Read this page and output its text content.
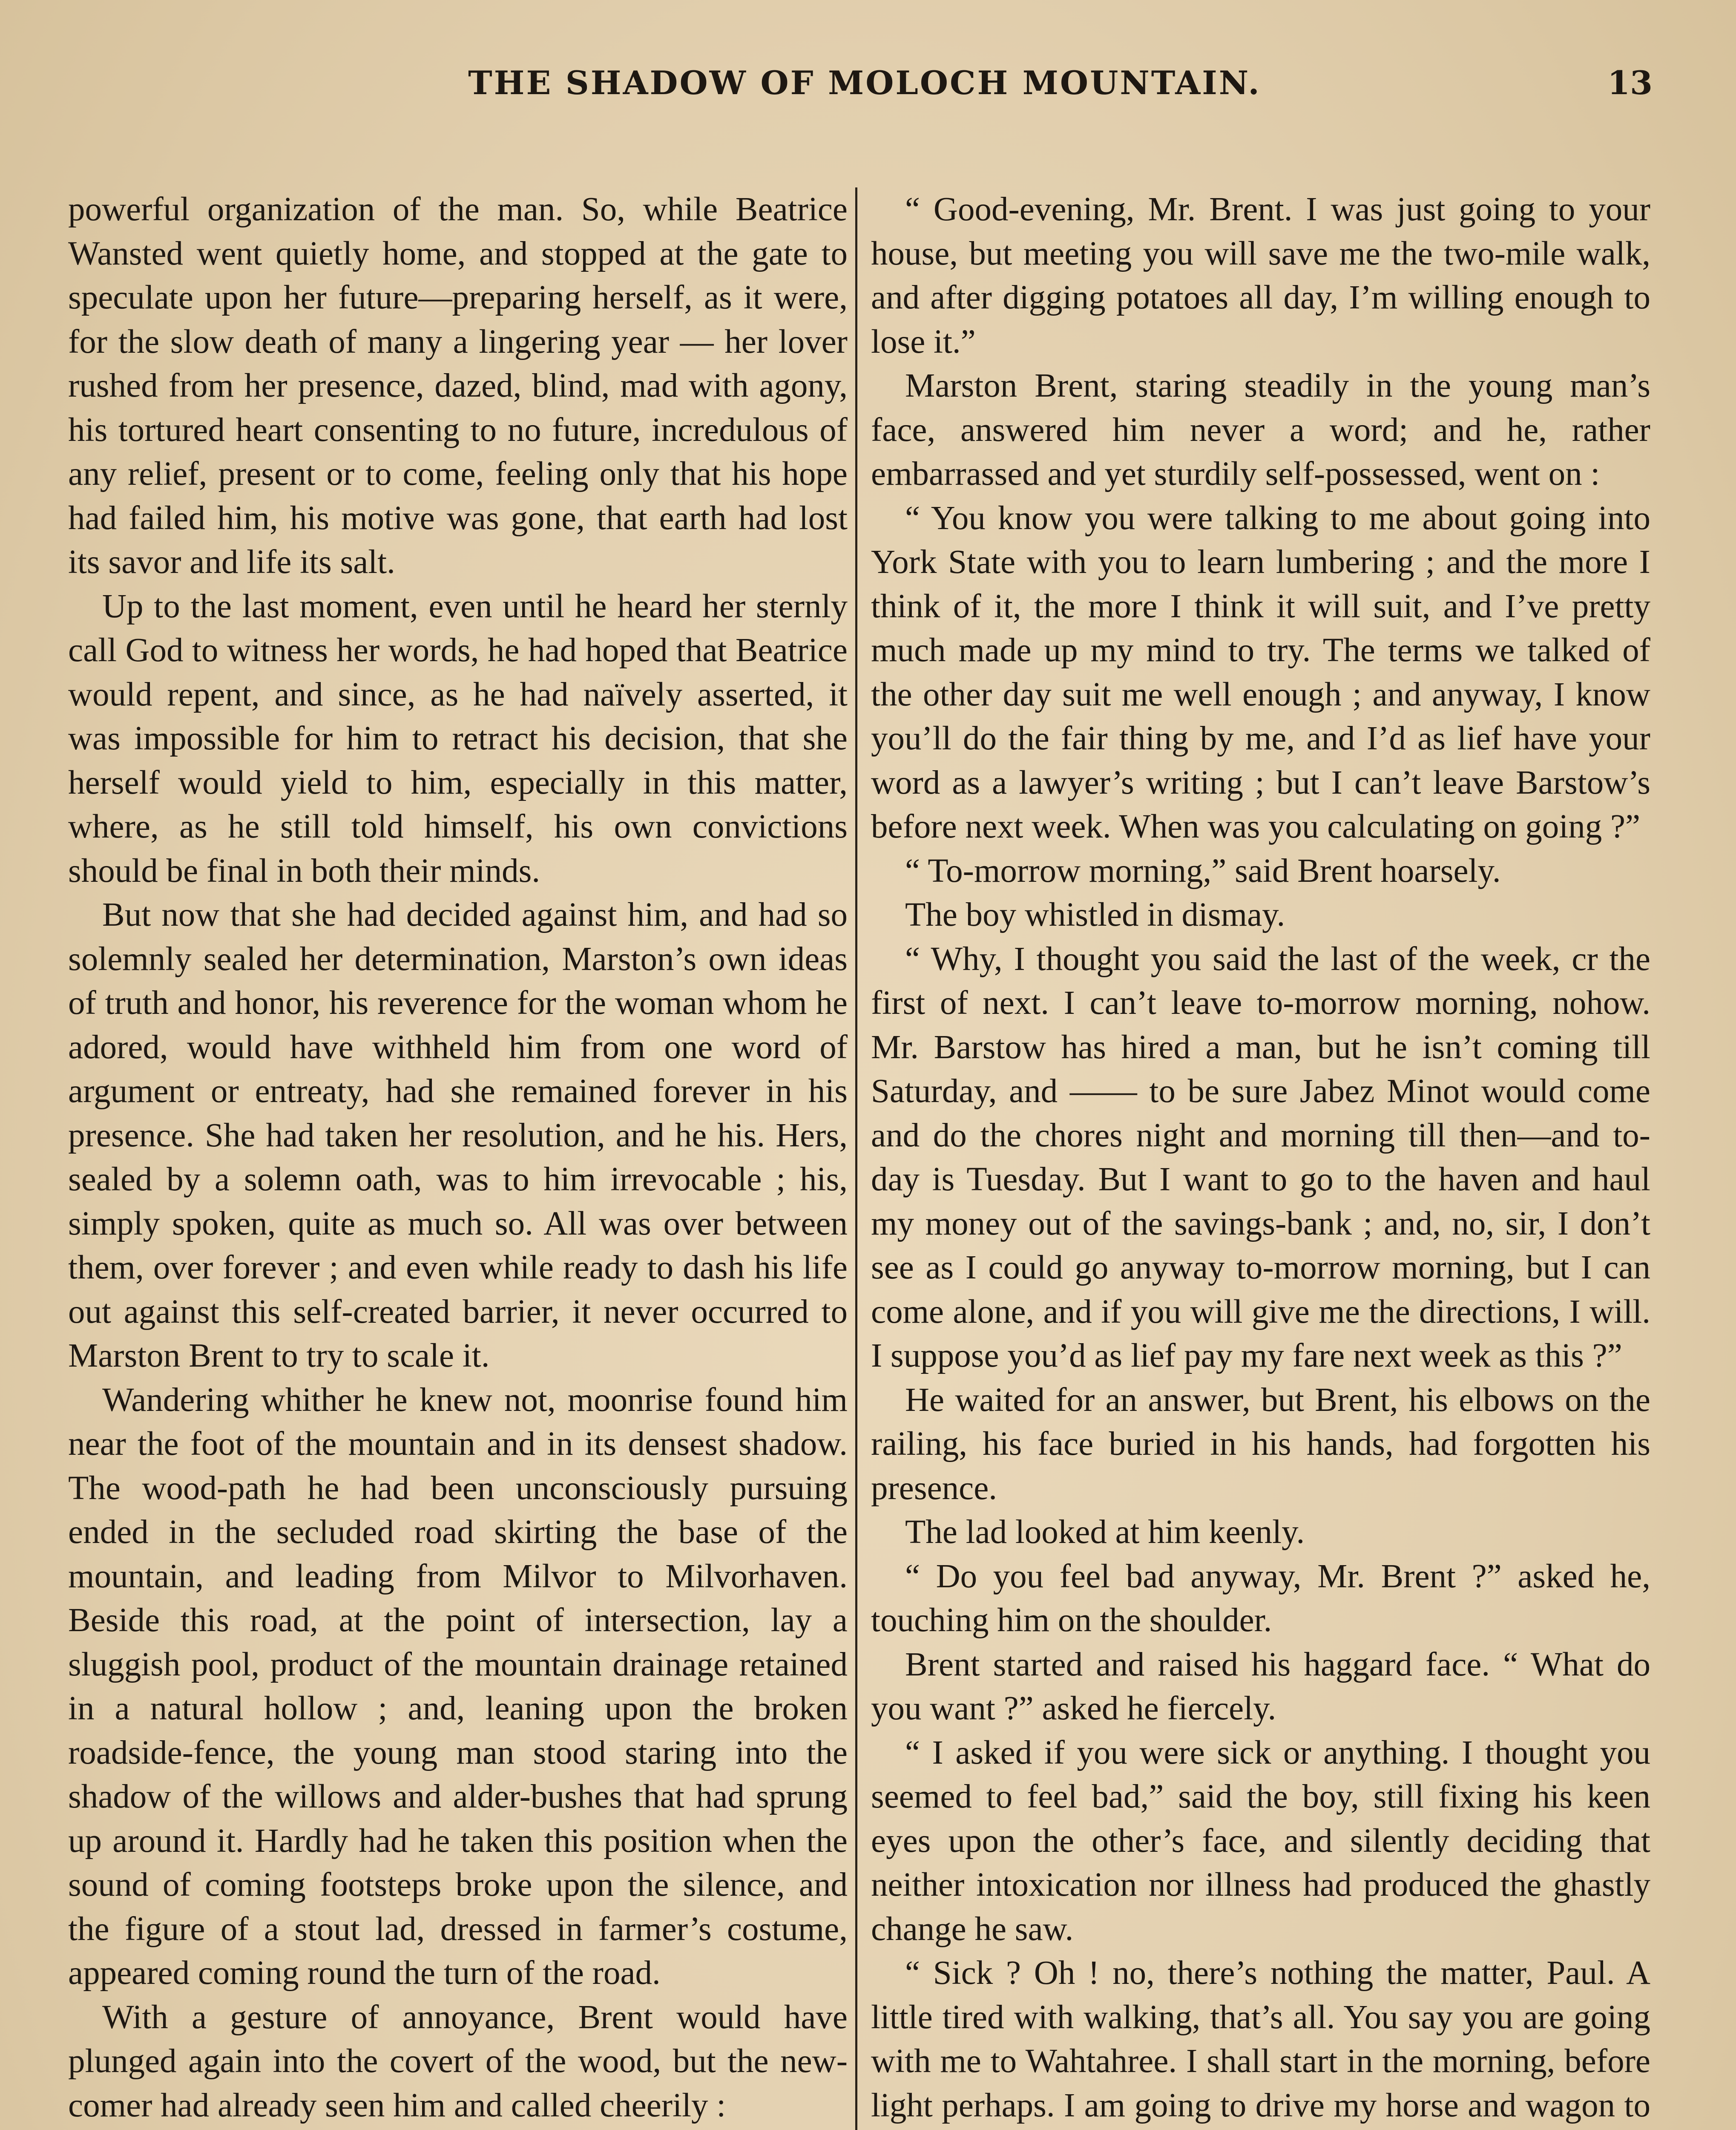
THE SHADOW OF MOLOCH MOUNTAIN.	13

powerful organization of the man. So, while Beatrice Wansted went quietly home, and stopped at the gate to speculate upon her future—preparing herself, as it were, for the slow death of many a lingering year — her lover rushed from her presence, dazed, blind, mad with agony, his tortured heart consenting to no future, incredulous of any relief, present or to come, feeling only that his hope had failed him, his motive was gone, that earth had lost its savor and life its salt.

Up to the last moment, even until he heard her sternly call God to witness her words, he had hoped that Beatrice would repent, and since, as he had naïvely asserted, it was impossible for him to retract his decision, that she herself would yield to him, especially in this matter, where, as he still told himself, his own convictions should be final in both their minds.

But now that she had decided against him, and had so solemnly sealed her determination, Marston’s own ideas of truth and honor, his reverence for the woman whom he adored, would have withheld him from one word of argument or entreaty, had she remained forever in his presence. She had taken her resolution, and he his. Hers, sealed by a solemn oath, was to him irrevocable ; his, simply spoken, quite as much so. All was over between them, over forever ; and even while ready to dash his life out against this self-created barrier, it never occurred to Marston Brent to try to scale it.

Wandering whither he knew not, moonrise found him near the foot of the mountain and in its densest shadow. The wood-path he had been unconsciously pursuing ended in the secluded road skirting the base of the mountain, and leading from Milvor to Milvorhaven. Beside this road, at the point of intersection, lay a sluggish pool, product of the mountain drainage retained in a natural hollow ; and, leaning upon the broken roadside-fence, the young man stood staring into the shadow of the willows and alder-bushes that had sprung up around it. Hardly had he taken this position when the sound of coming footsteps broke upon the silence, and the figure of a stout lad, dressed in farmer’s costume, appeared coming round the turn of the road.

With a gesture of annoyance, Brent would have plunged again into the covert of the wood, but the new-comer had already seen him and called cheerily :

“ Good-evening, Mr. Brent. I was just going to your house, but meeting you will save me the two-mile walk, and after digging potatoes all day, I’m willing enough to lose it.”

Marston Brent, staring steadily in the young man’s face, answered him never a word; and he, rather embarrassed and yet sturdily self-possessed, went on :

“ You know you were talking to me about going into York State with you to learn lumbering ; and the more I think of it, the more I think it will suit, and I’ve pretty much made up my mind to try. The terms we talked of the other day suit me well enough ; and anyway, I know you’ll do the fair thing by me, and I’d as lief have your word as a lawyer’s writing ; but I can’t leave Barstow’s before next week. When was you calculating on going ?”

“ To-morrow morning,” said Brent hoarsely.

The boy whistled in dismay.

“ Why, I thought you said the last of the week, cr the first of next. I can’t leave to-morrow morning, nohow. Mr. Barstow has hired a man, but he isn’t coming till Saturday, and —— to be sure Jabez Minot would come and do the chores night and morning till then—and to-day is Tuesday. But I want to go to the haven and haul my money out of the savings-bank ; and, no, sir, I don’t see as I could go anyway to-morrow morning, but I can come alone, and if you will give me the directions, I will. I suppose you’d as lief pay my fare next week as this ?”

He waited for an answer, but Brent, his elbows on the railing, his face buried in his hands, had forgotten his presence.

The lad looked at him keenly.

“ Do you feel bad anyway, Mr. Brent ?” asked he, touching him on the shoulder.

Brent started and raised his haggard face. “ What do you want ?” asked he fiercely.

“ I asked if you were sick or anything. I thought you seemed to feel bad,” said the boy, still fixing his keen eyes upon the other’s face, and silently deciding that neither intoxication nor illness had produced the ghastly change he saw.

“ Sick ? Oh ! no, there’s nothing the matter, Paul. A little tired with walking, that’s all. You say you are going with me to Wahtahree. I shall start in the morning, before light perhaps. I am going to drive my horse and wagon to
